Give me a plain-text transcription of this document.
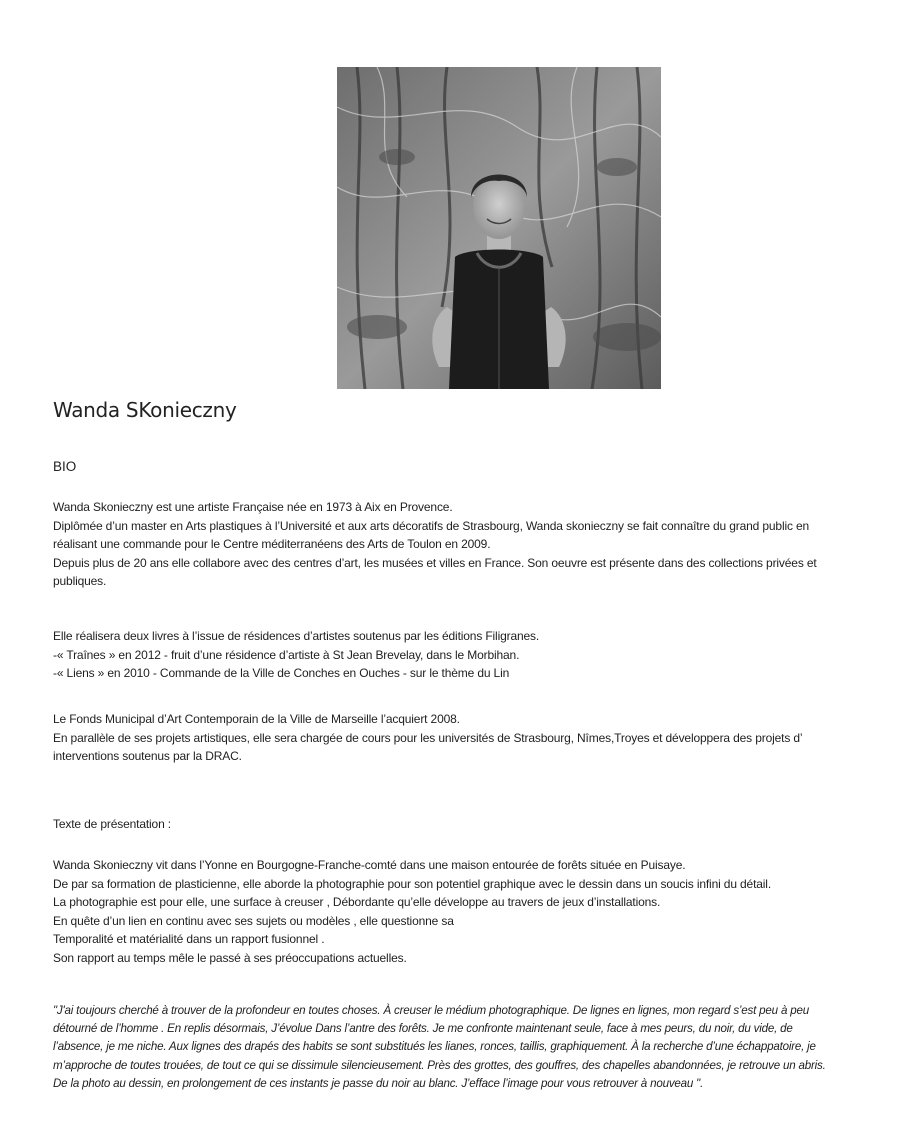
Wanda SKonieczny
BIO
Wanda Skonieczny est une artiste Française née en 1973 à Aix en Provence.
Diplômée d’un master en Arts plastiques à l’Université et aux arts décoratifs de Strasbourg, Wanda skonieczny se fait connaître du grand public en
réalisant une commande pour le Centre méditerranéens des Arts de Toulon en 2009.
Depuis plus de 20 ans elle collabore avec des centres d’art, les musées et villes en France. Son oeuvre est présente dans des collections privées et
publiques.
Elle réalisera deux livres à l’issue de résidences d’artistes soutenus par les éditions Filigranes.
-« Traînes » en 2012 - fruit d’une résidence d’artiste à St Jean Brevelay, dans le Morbihan.
-« Liens » en 2010 - Commande de la Ville de Conches en Ouches - sur le thème du Lin
Le Fonds Municipal d’Art Contemporain de la Ville de Marseille l’acquiert 2008.
En parallèle de ses projets artistiques, elle sera chargée de cours pour les universités de Strasbourg, Nîmes,Troyes et développera des projets d’
interventions soutenus par la DRAC.
Texte de présentation :
Wanda Skonieczny vit dans l’Yonne en Bourgogne-Franche-comté dans une maison entourée de forêts située en Puisaye.
De par sa formation de plasticienne, elle aborde la photographie pour son potentiel graphique avec le dessin dans un soucis infini du détail.
La photographie est pour elle, une surface à creuser , Débordante qu’elle développe au travers de jeux d’installations.
En quête d’un lien en continu avec ses sujets ou modèles , elle questionne sa
Temporalité et matérialité dans un rapport fusionnel .
Son rapport au temps mêle le passé à ses préoccupations actuelles.
"J'ai toujours cherché à trouver de la profondeur en toutes choses. À creuser le médium photographique. De lignes en lignes, mon regard s’est peu à peu
détourné de l’homme . En replis désormais, J’évolue Dans l’antre des forêts. Je me confronte maintenant seule, face à mes peurs, du noir, du vide, de
l’absence, je me niche. Aux lignes des drapés des habits se sont substitués les lianes, ronces, taillis, graphiquement. À la recherche d’une échappatoire, je
m’approche de toutes trouées, de tout ce qui se dissimule silencieusement. Près des grottes, des gouffres, des chapelles abandonnées, je retrouve un abris.
De la photo au dessin, en prolongement de ces instants je passe du noir au blanc. J’efface l’image pour vous retrouver à nouveau ".
